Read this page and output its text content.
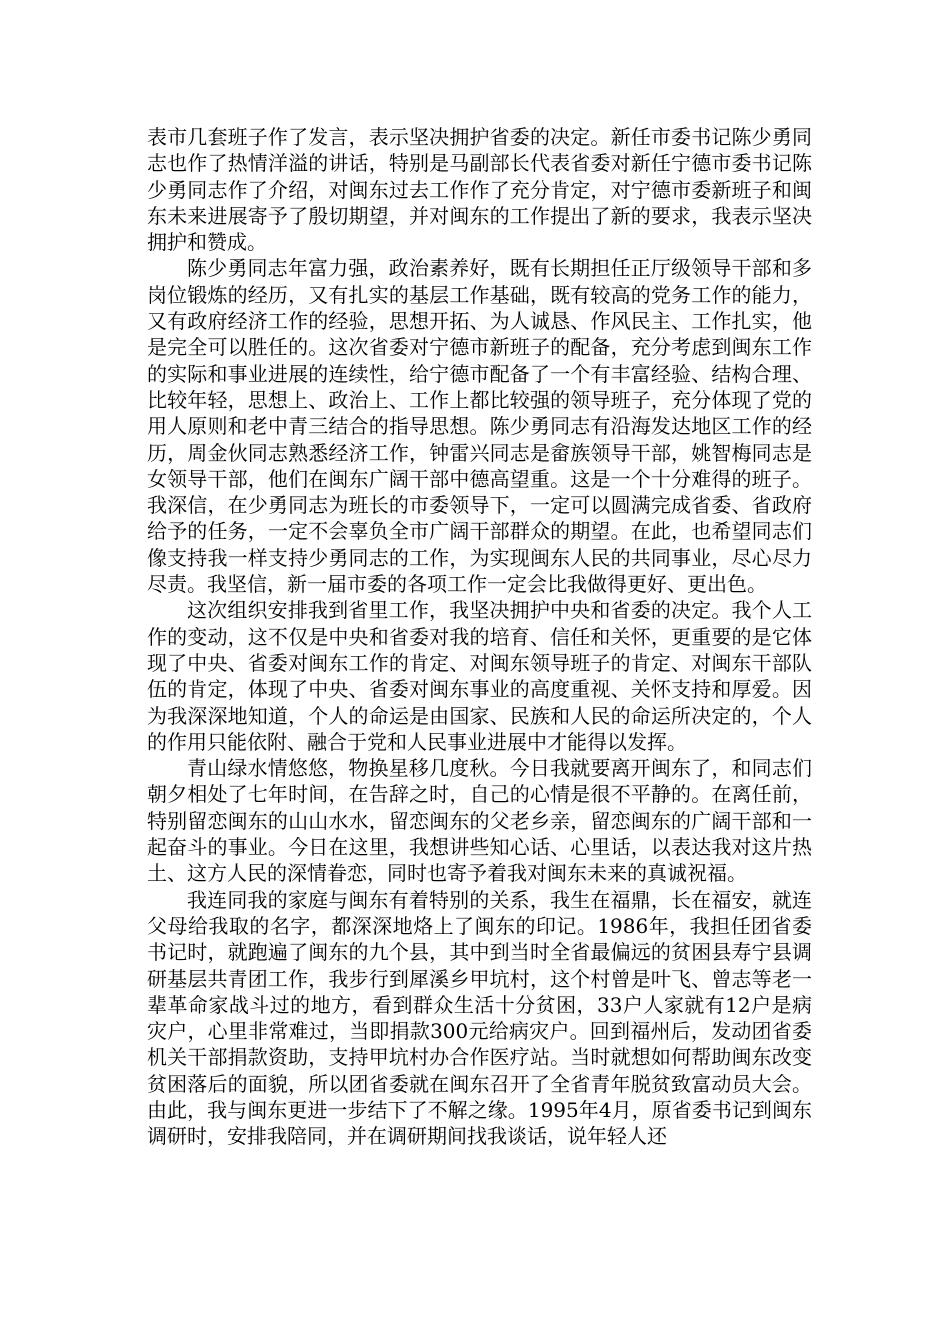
表市几套班子作了发言，表示坚决拥护省委的决定。新任市委书记陈少勇同志也作了热情洋溢的讲话，特别是马副部长代表省委对新任宁德市委书记陈少勇同志作了介绍，对闽东过去工作作了充分肯定，对宁德市委新班子和闽东未来进展寄予了殷切期望，并对闽东的工作提出了新的要求，我表示坚决拥护和赞成。

陈少勇同志年富力强，政治素养好，既有长期担任正厅级领导干部和多岗位锻炼的经历，又有扎实的基层工作基础，既有较高的党务工作的能力，又有政府经济工作的经验，思想开拓、为人诚恳、作风民主、工作扎实，他是完全可以胜任的。这次省委对宁德市新班子的配备，充分考虑到闽东工作的实际和事业进展的连续性，给宁德市配备了一个有丰富经验、结构合理、比较年轻，思想上、政治上、工作上都比较强的领导班子，充分体现了党的用人原则和老中青三结合的指导思想。陈少勇同志有沿海发达地区工作的经历，周金伙同志熟悉经济工作，钟雷兴同志是畲族领导干部，姚智梅同志是女领导干部，他们在闽东广阔干部中德高望重。这是一个十分难得的班子。我深信，在少勇同志为班长的市委领导下，一定可以圆满完成省委、省政府给予的任务，一定不会辜负全市广阔干部群众的期望。在此，也希望同志们像支持我一样支持少勇同志的工作，为实现闽东人民的共同事业，尽心尽力尽责。我坚信，新一届市委的各项工作一定会比我做得更好、更出色。

这次组织安排我到省里工作，我坚决拥护中央和省委的决定。我个人工作的变动，这不仅是中央和省委对我的培育、信任和关怀，更重要的是它体现了中央、省委对闽东工作的肯定、对闽东领导班子的肯定、对闽东干部队伍的肯定，体现了中央、省委对闽东事业的高度重视、关怀支持和厚爱。因为我深深地知道，个人的命运是由国家、民族和人民的命运所决定的，个人的作用只能依附、融合于党和人民事业进展中才能得以发挥。

青山绿水情悠悠，物换星移几度秋。今日我就要离开闽东了，和同志们朝夕相处了七年时间，在告辞之时，自己的心情是很不平静的。在离任前，特别留恋闽东的山山水水，留恋闽东的父老乡亲，留恋闽东的广阔干部和一起奋斗的事业。今日在这里，我想讲些知心话、心里话，以表达我对这片热土、这方人民的深情眷恋，同时也寄予着我对闽东未来的真诚祝福。

我连同我的家庭与闽东有着特别的关系，我生在福鼎，长在福安，就连父母给我取的名字，都深深地烙上了闽东的印记。1986年，我担任团省委书记时，就跑遍了闽东的九个县，其中到当时全省最偏远的贫困县寿宁县调研基层共青团工作，我步行到犀溪乡甲坑村，这个村曾是叶飞、曾志等老一辈革命家战斗过的地方，看到群众生活十分贫困，33户人家就有12户是病灾户，心里非常难过，当即捐款300元给病灾户。回到福州后，发动团省委机关干部捐款资助，支持甲坑村办合作医疗站。当时就想如何帮助闽东改变贫困落后的面貌，所以团省委就在闽东召开了全省青年脱贫致富动员大会。由此，我与闽东更进一步结下了不解之缘。1995年4月，原省委书记到闽东调研时，安排我陪同，并在调研期间找我谈话，说年轻人还
